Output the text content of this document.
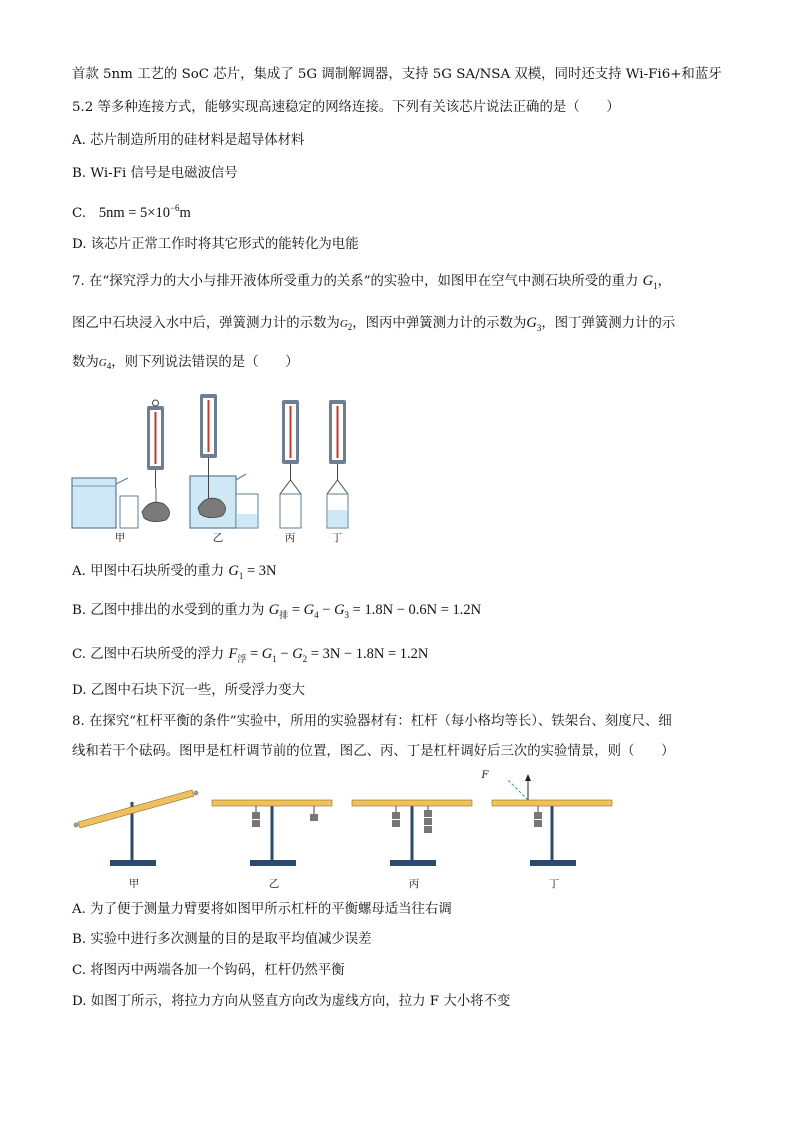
首款 5nm 工艺的 SoC 芯片，集成了 5G 调制解调器，支持 5G SA/NSA 双模，同时还支持 Wi-Fi6+和蓝牙
5.2 等多种连接方式，能够实现高速稳定的网络连接。下列有关该芯片说法正确的是（　　）
A. 芯片制造所用的硅材料是超导体材料
B. Wi-Fi 信号是电磁波信号
C. $5nm = 5\times 10^{-6}m$
D. 该芯片正常工作时将其它形式的能转化为电能
7. 在“探究浮力的大小与排开液体所受重力的关系”的实验中，如图甲在空气中测石块所受的重力 $G_1$，
图乙中石块浸入水中后，弹簧测力计的示数为$G_2$，图丙中弹簧测力计的示数为$G_3$，图丁弹簧测力计的示
数为$G_4$，则下列说法错误的是（　　）
甲	乙	丙	丁
A. 甲图中石块所受的重力 $G_1 = 3N$
B. 乙图中排出的水受到的重力为 $G_排 = G_4 - G_3 = 1.8N - 0.6N = 1.2N$
C. 乙图中石块所受的浮力 $F_浮 = G_1 - G_2 = 3N - 1.8N = 1.2N$
D. 乙图中石块下沉一些，所受浮力变大
8. 在探究“杠杆平衡的条件”实验中，所用的实验器材有：杠杆（每小格均等长）、铁架台、刻度尺、细
线和若干个砝码。图甲是杠杆调节前的位置，图乙、丙、丁是杠杆调好后三次的实验情景，则（　　）
F
甲	乙	丙	丁
A. 为了便于测量力臂要将如图甲所示杠杆的平衡螺母适当往右调
B. 实验中进行多次测量的目的是取平均值减少误差
C. 将图丙中两端各加一个钩码，杠杆仍然平衡
D. 如图丁所示，将拉力方向从竖直方向改为虚线方向，拉力 F 大小将不变
